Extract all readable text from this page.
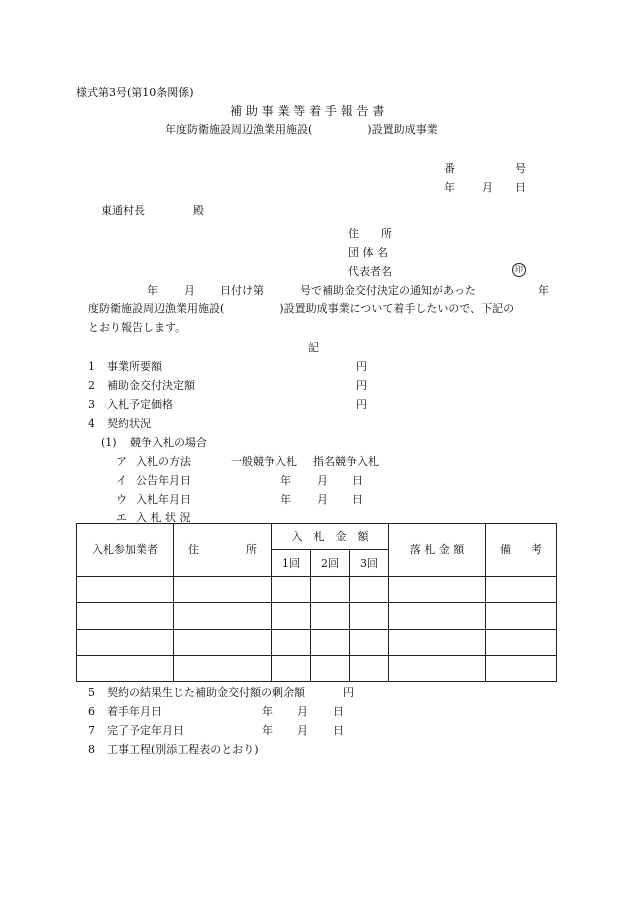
様式第3号(第10条関係)
補 助 事 業 等 着 手 報 告 書
年度防衛施設周辺漁業用施設(　　　　　)設置助成事業
番	号
年 月 日
東通村長	殿
住　　所
団 体 名
代表者名	印
年 月 日付け第	号で補助金交付決定の通知があった	年
度防衛施設周辺漁業用施設(　　　　　)設置助成事業について着手したいので、下記の
とおり報告します。
記
1 事業所要額	円
2 補助金交付決定額	円
3 入札予定価格	円
4 契約状況
(1) 競争入札の場合
ア 入札の方法	一般競争入札 指名競争入札
イ 公告年月日	年 月 日
ウ 入札年月日	年 月 日
エ 入 札 状 況
入札参加業者	住 所	入　札　金　額			落 札 金 額	備 考

		1回	2回	3回		

5 契約の結果生じた補助金交付額の剰余額	円
6 着手年月日	年 月 日
7 完了予定年月日	年 月 日
8 工事工程(別添工程表のとおり)
